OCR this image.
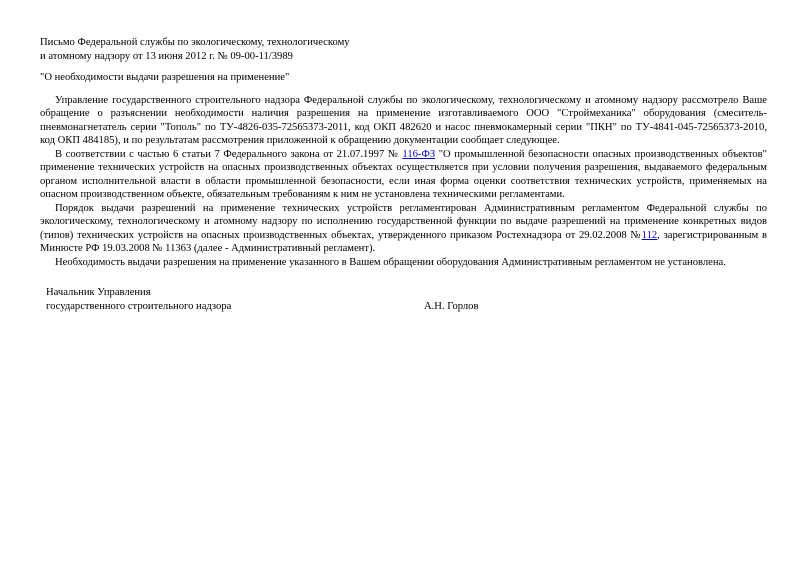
Письмо Федеральной службы по экологическому, технологическому

и атомному надзору от 13 июня 2012 г. № 09-00-11/3989

"О необходимости выдачи разрешения на применение"

Управление государственного строительного надзора Федеральной службы по экологическому, технологическому и атомному надзору рассмотрело Ваше обращение о разъяснении необходимости наличия разрешения на применение изготавливаемого ООО "Строймеханика" оборудования (смеситель-пневмонагнетатель серии "Тополь" по ТУ-4826-035-72565373-2011, код ОКП 482620 и насос пневмокамерный серии "ПКН" по ТУ-4841-045-72565373-2010, код ОКП 484185), и по результатам рассмотрения приложенной к обращению документации сообщает следующее.

В соответствии с частью 6 статьи 7 Федерального закона от 21.07.1997 № 116-ФЗ "О промышленной безопасности опасных производственных объектов" применение технических устройств на опасных производственных объектах осуществляется при условии получения разрешения, выдаваемого федеральным органом исполнительной власти в области промышленной безопасности, если иная форма оценки соответствия технических устройств, применяемых на опасном производственном объекте, обязательным требованиям к ним не установлена техническими регламентами.

Порядок выдачи разрешений на применение технических устройств регламентирован Административным регламентом Федеральной службы по экологическому, технологическому и атомному надзору по исполнению государственной функции по выдаче разрешений на применение конкретных видов (типов) технических устройств на опасных производственных объектах, утвержденного приказом Ростехнадзора от 29.02.2008 №112, зарегистрированным в Минюсте РФ 19.03.2008 № 11363 (далее - Административный регламент).

Необходимость выдачи разрешения на применение указанного в Вашем обращении оборудования Административным регламентом не установлена.

Начальник Управления
государственного строительного надзора	А.Н. Горлов
